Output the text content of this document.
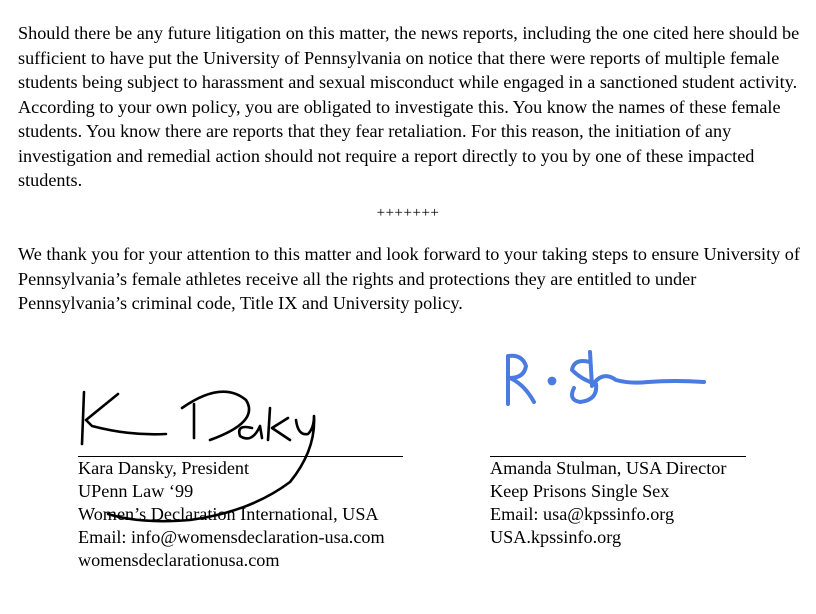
Should there be any future litigation on this matter, the news reports, including the one cited here should be sufficient to have put the University of Pennsylvania on notice that there were reports of multiple female students being subject to harassment and sexual misconduct while engaged in a sanctioned student activity. According to your own policy, you are obligated to investigate this. You know the names of these female students. You know there are reports that they fear retaliation. For this reason, the initiation of any investigation and remedial action should not require a report directly to you by one of these impacted students.

+++++++

We thank you for your attention to this matter and look forward to your taking steps to ensure University of Pennsylvania’s female athletes receive all the rights and protections they are entitled to under Pennsylvania’s criminal code, Title IX and University policy.

Kara Dansky, President
UPenn Law ‘99
Women’s Declaration International, USA
Email: info@womensdeclaration-usa.com
womensdeclarationusa.com
Amanda Stulman, USA Director
Keep Prisons Single Sex
Email: usa@kpssinfo.org
USA.kpssinfo.org
